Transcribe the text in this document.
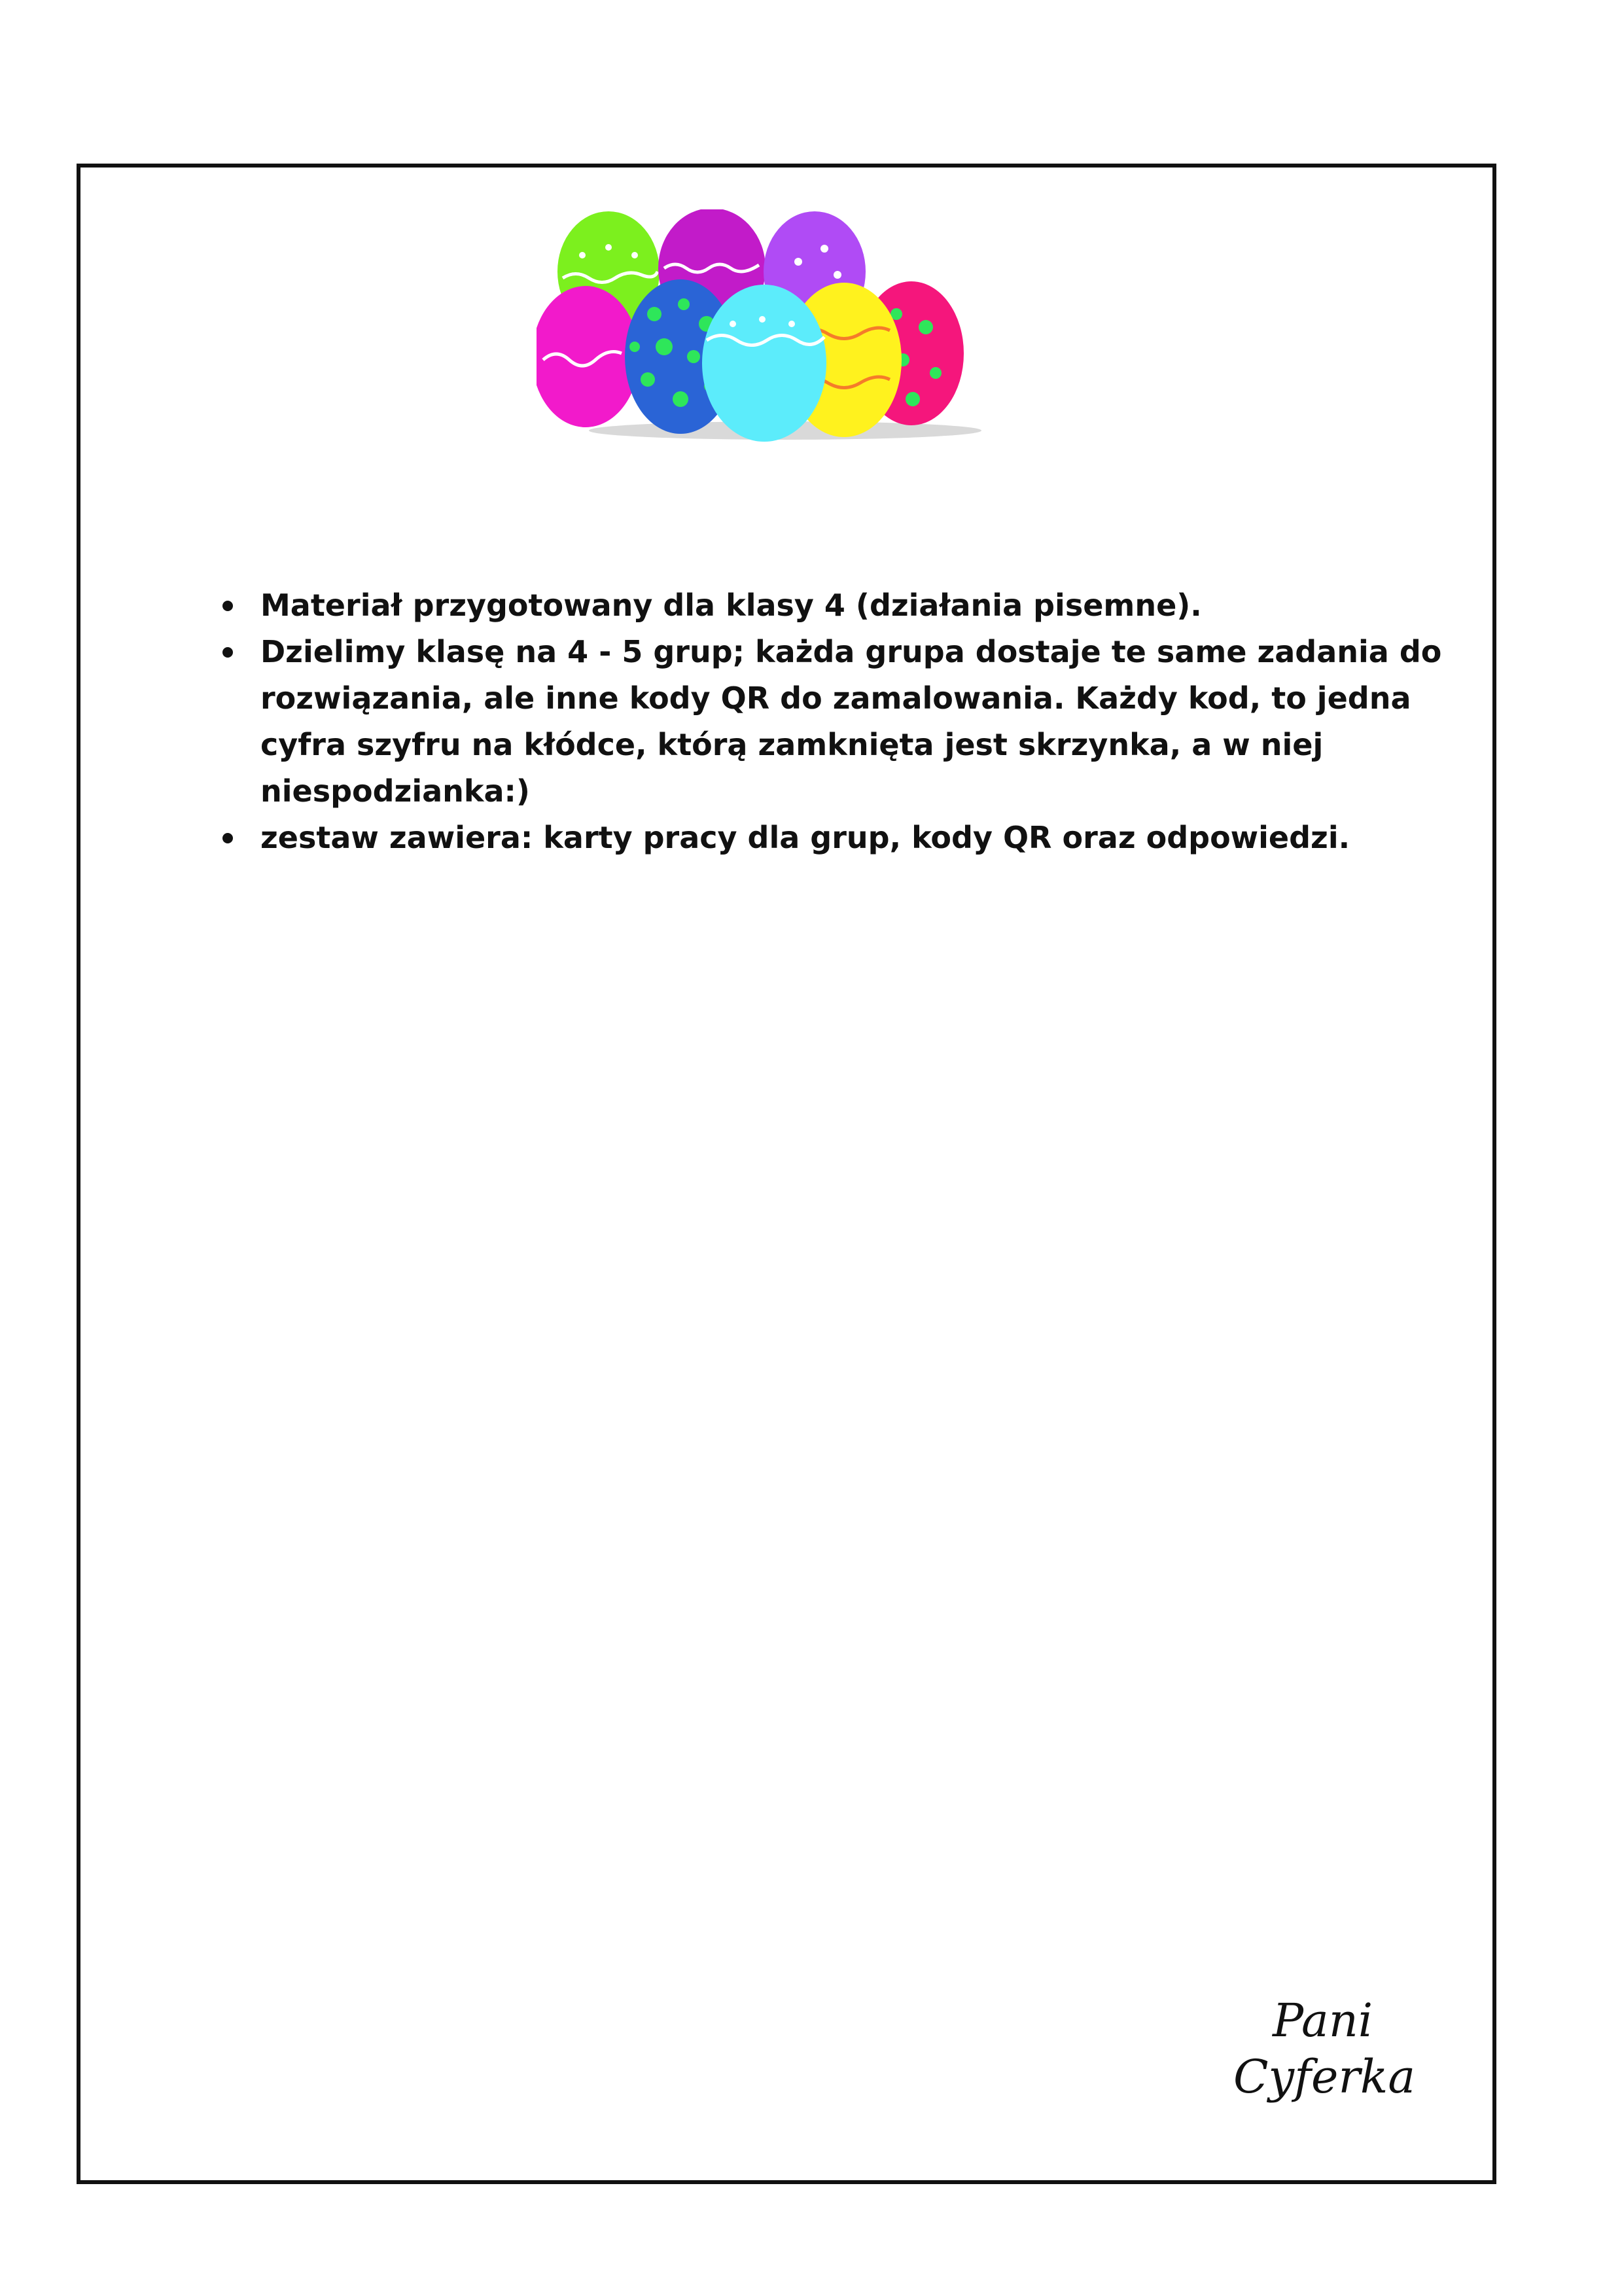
Materiał przygotowany dla klasy 4 (działania pisemne).
Dzielimy klasę na 4 - 5 grup; każda grupa dostaje te same zadania do rozwiązania, ale inne kody QR do zamalowania. Każdy kod, to jedna cyfra szyfru na kłódce, którą zamknięta jest skrzynka, a w niej niespodzianka:)
zestaw zawiera: karty pracy dla grup, kody QR oraz odpowiedzi.
Pani
Cyferka
